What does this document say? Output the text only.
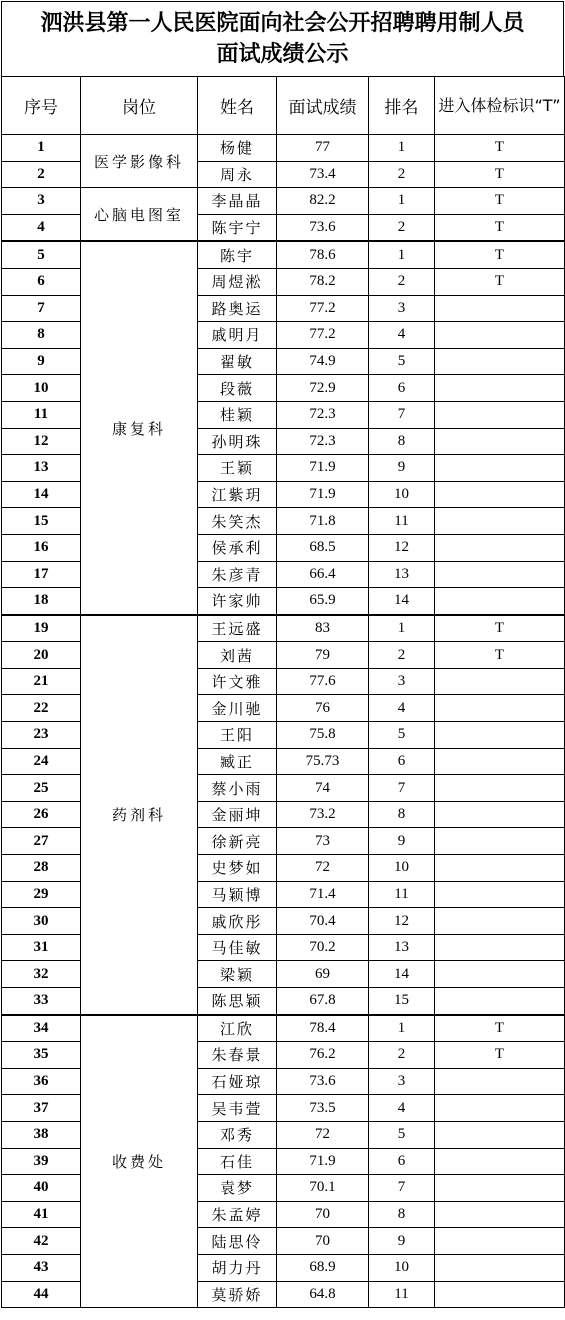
泗洪县第一人民医院面向社会公开招聘聘用制人员
面试成绩公示
序号	岗位	姓名	面试成绩	排名	进入体检标识“T”
1	医学影像科	杨健	77	1	T
2		周永	73.4	2	T
3	心脑电图室	李晶晶	82.2	1	T
4		陈宇宁	73.6	2	T
5	康复科	陈宇	78.6	1	T
6		周煜淞	78.2	2	T
7		路奥运	77.2	3	
8		戚明月	77.2	4	
9		翟敏	74.9	5	
10		段薇	72.9	6	
11		桂颖	72.3	7	
12		孙明珠	72.3	8	
13		王颖	71.9	9	
14		江紫玥	71.9	10	
15		朱笑杰	71.8	11	
16		侯承利	68.5	12	
17		朱彦青	66.4	13	
18		许家帅	65.9	14	
19	药剂科	王远盛	83	1	T
20		刘茜	79	2	T
21		许文雅	77.6	3	
22		金川驰	76	4	
23		王阳	75.8	5	
24		臧正	75.73	6	
25		蔡小雨	74	7	
26		金丽坤	73.2	8	
27		徐新亮	73	9	
28		史梦如	72	10	
29		马颖博	71.4	11	
30		戚欣彤	70.4	12	
31		马佳敏	70.2	13	
32		梁颖	69	14	
33		陈思颖	67.8	15	
34	收费处	江欣	78.4	1	T
35		朱春景	76.2	2	T
36		石娅琼	73.6	3	
37		吴韦萱	73.5	4	
38		邓秀	72	5	
39		石佳	71.9	6	
40		袁梦	70.1	7	
41		朱孟婷	70	8	
42		陆思伶	70	9	
43		胡力丹	68.9	10	
44		莫骄娇	64.8	11	
